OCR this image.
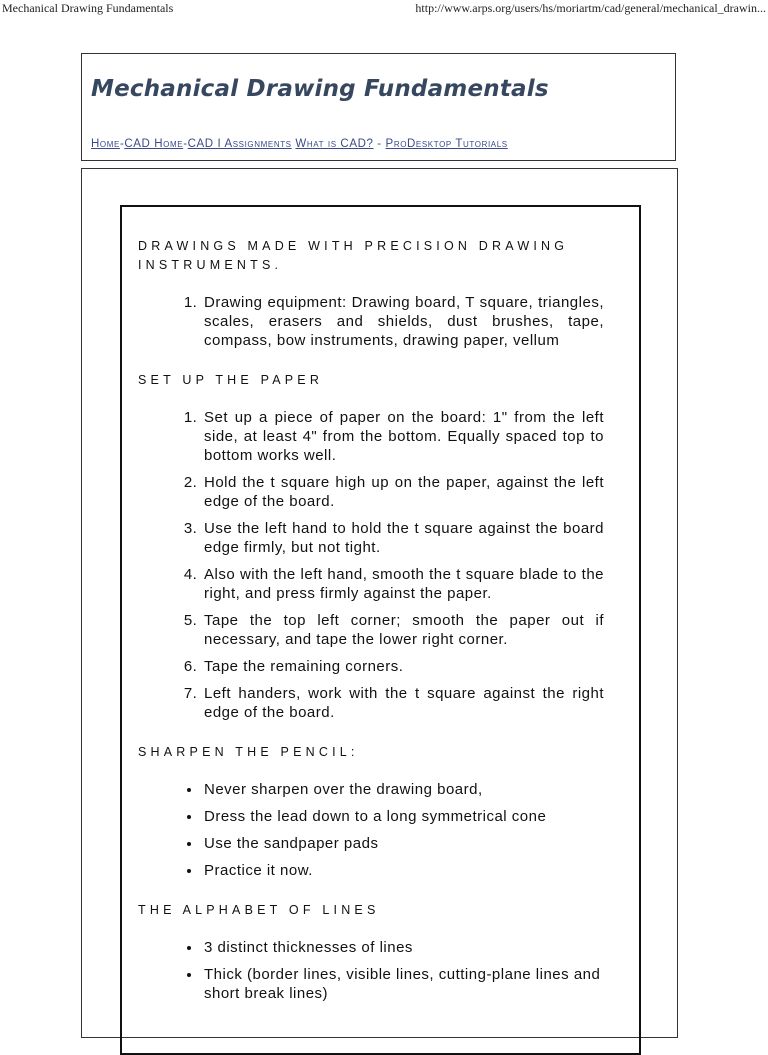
Mechanical Drawing Fundamentals	http://www.arps.org/users/hs/moriartm/cad/general/mechanical_drawin...
Mechanical Drawing Fundamentals
Home-CAD Home-CAD I Assignments What is CAD? - ProDesktop Tutorials
DRAWINGS MADE WITH PRECISION DRAWING INSTRUMENTS.
1. Drawing equipment: Drawing board, T square, triangles, scales, erasers and shields, dust brushes, tape, compass, bow instruments, drawing paper, vellum
SET UP THE PAPER
1. Set up a piece of paper on the board: 1" from the left side, at least 4" from the bottom. Equally spaced top to bottom works well.
2. Hold the t square high up on the paper, against the left edge of the board.
3. Use the left hand to hold the t square against the board edge firmly, but not tight.
4. Also with the left hand, smooth the t square blade to the right, and press firmly against the paper.
5. Tape the top left corner; smooth the paper out if necessary, and tape the lower right corner.
6. Tape the remaining corners.
7. Left handers, work with the t square against the right edge of the board.
SHARPEN THE PENCIL:
• Never sharpen over the drawing board,
• Dress the lead down to a long symmetrical cone
• Use the sandpaper pads
• Practice it now.
THE ALPHABET OF LINES
• 3 distinct thicknesses of lines
• Thick (border lines, visible lines, cutting-plane lines and short break lines)
